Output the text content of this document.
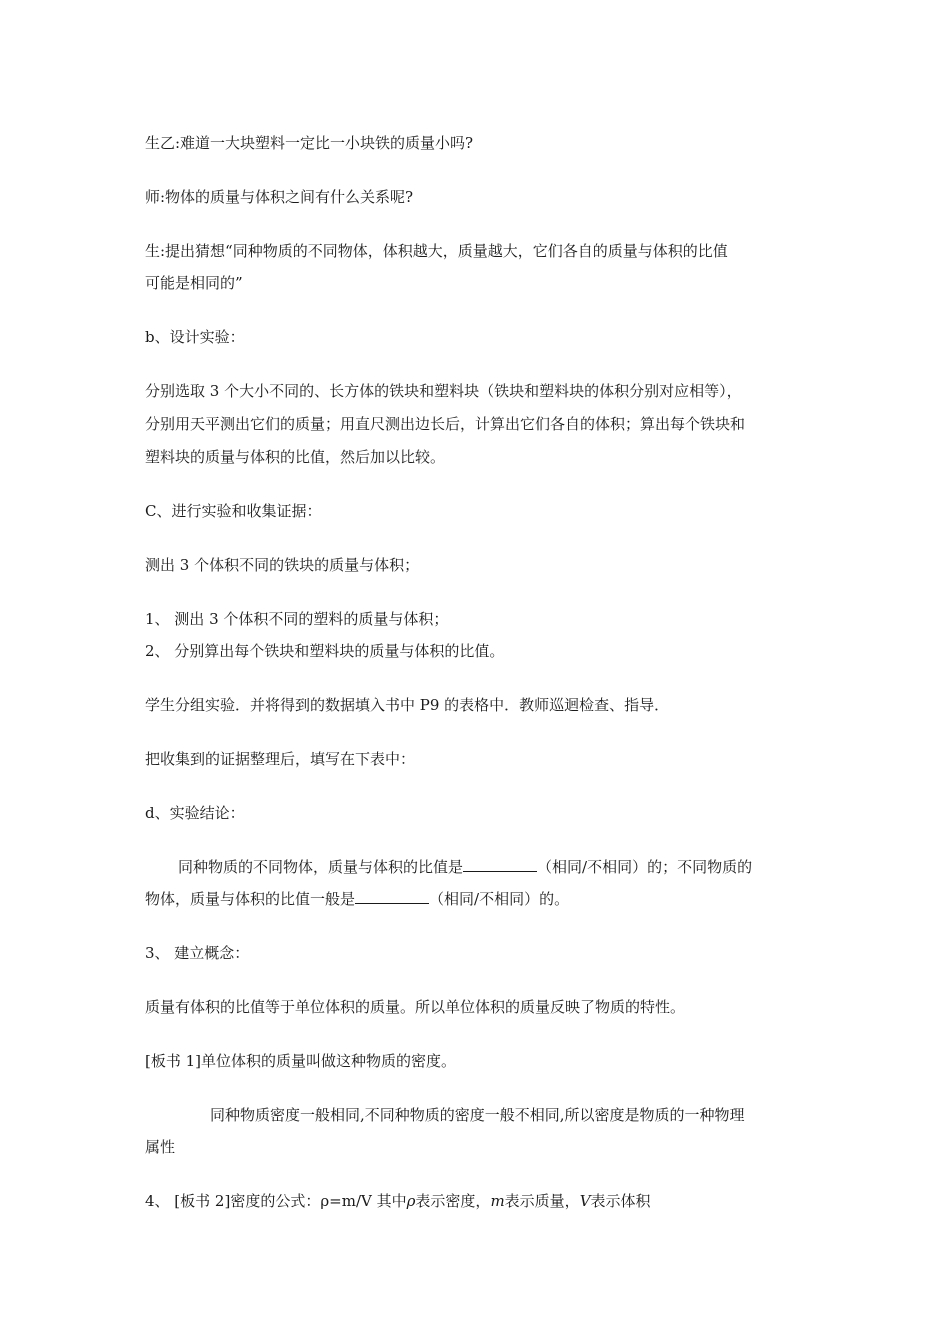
生乙:难道一大块塑料一定比一小块铁的质量小吗?
师:物体的质量与体积之间有什么关系呢?
生:提出猜想“同种物质的不同物体，体积越大，质量越大，它们各自的质量与体积的比值
可能是相同的”
b、设计实验：
分别选取 3 个大小不同的、长方体的铁块和塑料块（铁块和塑料块的体积分别对应相等），
分别用天平测出它们的质量；用直尺测出边长后，计算出它们各自的体积；算出每个铁块和
塑料块的质量与体积的比值，然后加以比较。
C、进行实验和收集证据：
测出 3 个体积不同的铁块的质量与体积；
1、 测出 3 个体积不同的塑料的质量与体积；
2、 分别算出每个铁块和塑料块的质量与体积的比值。
学生分组实验．并将得到的数据填入书中 P9 的表格中．教师巡迴检查、指导．
把收集到的证据整理后，填写在下表中：
d、实验结论：
同种物质的不同物体，质量与体积的比值是	（相同/不相同）的；不同物质的
物体，质量与体积的比值一般是	（相同/不相同）的。
3、 建立概念：
质量有体积的比值等于单位体积的质量。所以单位体积的质量反映了物质的特性。
[板书 1]单位体积的质量叫做这种物质的密度。
同种物质密度一般相同,不同种物质的密度一般不相同,所以密度是物质的一种物理
属性
4、 [板书 2]密度的公式：ρ=m/V 其中ρ表示密度，m表示质量，V表示体积
